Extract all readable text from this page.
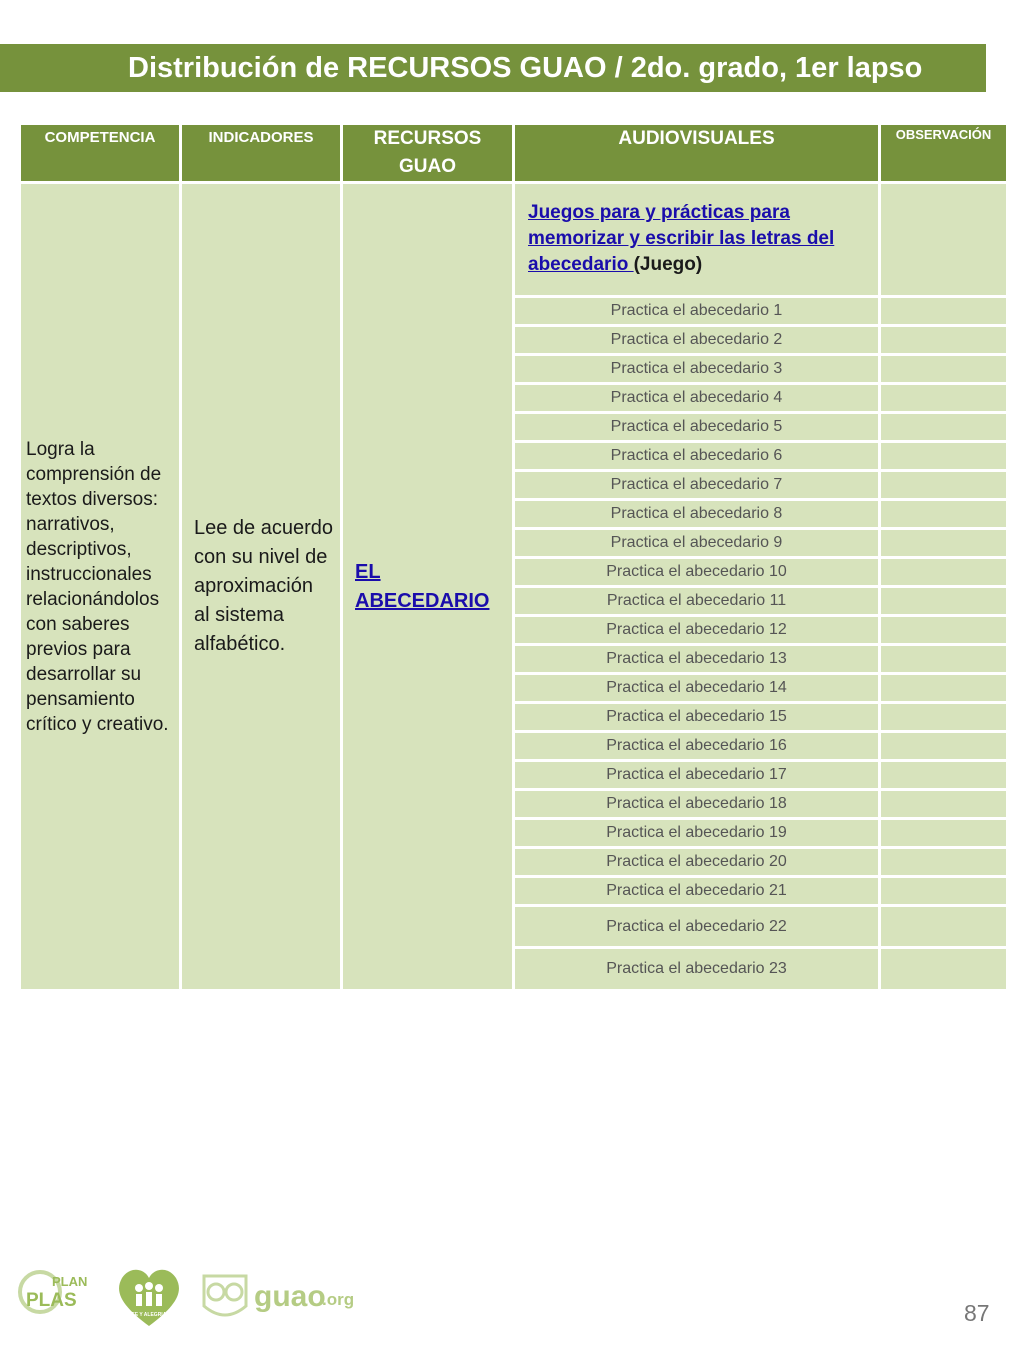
Distribución de RECURSOS GUAO / 2do. grado, 1er lapso
COMPETENCIA	INDICADORES	RECURSOS GUAO	AUDIOVISUALES	OBSERVACIÓN
Logra la comprensión de textos diversos: narrativos, descriptivos, instruccionales relacionándolos con saberes previos para desarrollar su pensamiento crítico y creativo.	Lee de acuerdo con su nivel de aproximación al sistema alfabético.	EL ABECEDARIO	Juegos para y prácticas para memorizar y escribir las letras del abecedario (Juego)	
			Practica el abecedario 1	
			Practica el abecedario 2	
			Practica el abecedario 3	
			Practica el abecedario 4	
			Practica el abecedario 5	
			Practica el abecedario 6	
			Practica el abecedario 7	
			Practica el abecedario 8	
			Practica el abecedario 9	
			Practica el abecedario 10	
			Practica el abecedario 11	
			Practica el abecedario 12	
			Practica el abecedario 13	
			Practica el abecedario 14	
			Practica el abecedario 15	
			Practica el abecedario 16	
			Practica el abecedario 17	
			Practica el abecedario 18	
			Practica el abecedario 19	
			Practica el abecedario 20	
			Practica el abecedario 21	
			Practica el abecedario 22	
			Practica el abecedario 23	
PLAN
PLAS
FE Y ALEGRIA
guao
.org
87
